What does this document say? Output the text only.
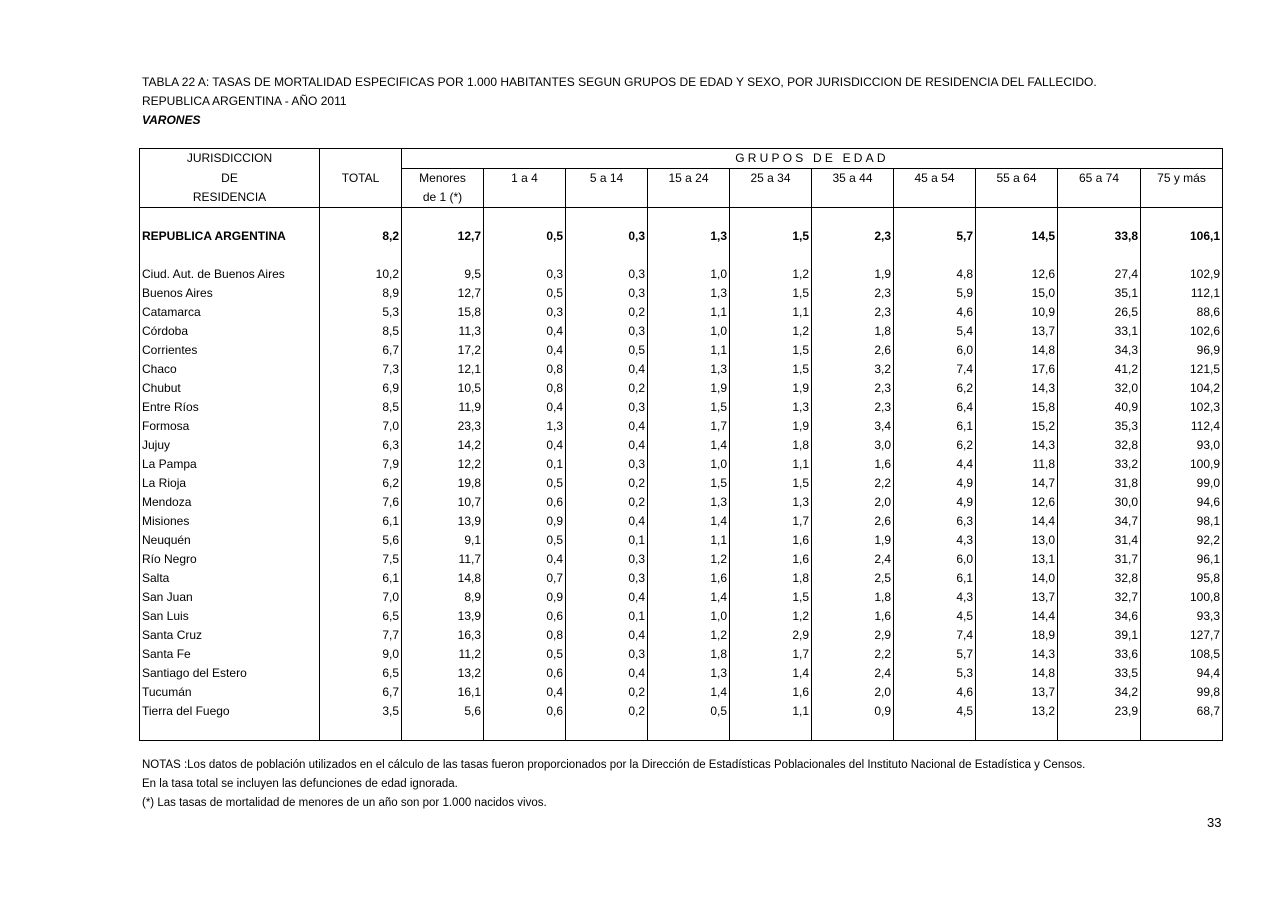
TABLA 22 A: TASAS DE MORTALIDAD ESPECIFICAS POR 1.000 HABITANTES SEGUN GRUPOS DE EDAD Y SEXO, POR JURISDICCION DE RESIDENCIA DEL FALLECIDO.
REPUBLICA ARGENTINA - AÑO 2011
VARONES
JURISDICCION		GRUPOS DE EDAD									
DE	TOTAL	Menores	1 a 4	5 a 14	15 a 24	25 a 34	35 a 44	45 a 54	55 a 64	65 a 74	75 y más
RESIDENCIA		de 1 (*)									

REPUBLICA ARGENTINA	8,2	12,7	0,5	0,3	1,3	1,5	2,3	5,7	14,5	33,8	106,1

Ciud. Aut. de Buenos Aires	10,2	9,5	0,3	0,3	1,0	1,2	1,9	4,8	12,6	27,4	102,9
Buenos Aires	8,9	12,7	0,5	0,3	1,3	1,5	2,3	5,9	15,0	35,1	112,1
Catamarca	5,3	15,8	0,3	0,2	1,1	1,1	2,3	4,6	10,9	26,5	88,6
Córdoba	8,5	11,3	0,4	0,3	1,0	1,2	1,8	5,4	13,7	33,1	102,6
Corrientes	6,7	17,2	0,4	0,5	1,1	1,5	2,6	6,0	14,8	34,3	96,9
Chaco	7,3	12,1	0,8	0,4	1,3	1,5	3,2	7,4	17,6	41,2	121,5
Chubut	6,9	10,5	0,8	0,2	1,9	1,9	2,3	6,2	14,3	32,0	104,2
Entre Ríos	8,5	11,9	0,4	0,3	1,5	1,3	2,3	6,4	15,8	40,9	102,3
Formosa	7,0	23,3	1,3	0,4	1,7	1,9	3,4	6,1	15,2	35,3	112,4
Jujuy	6,3	14,2	0,4	0,4	1,4	1,8	3,0	6,2	14,3	32,8	93,0
La Pampa	7,9	12,2	0,1	0,3	1,0	1,1	1,6	4,4	11,8	33,2	100,9
La Rioja	6,2	19,8	0,5	0,2	1,5	1,5	2,2	4,9	14,7	31,8	99,0
Mendoza	7,6	10,7	0,6	0,2	1,3	1,3	2,0	4,9	12,6	30,0	94,6
Misiones	6,1	13,9	0,9	0,4	1,4	1,7	2,6	6,3	14,4	34,7	98,1
Neuquén	5,6	9,1	0,5	0,1	1,1	1,6	1,9	4,3	13,0	31,4	92,2
Río Negro	7,5	11,7	0,4	0,3	1,2	1,6	2,4	6,0	13,1	31,7	96,1
Salta	6,1	14,8	0,7	0,3	1,6	1,8	2,5	6,1	14,0	32,8	95,8
San Juan	7,0	8,9	0,9	0,4	1,4	1,5	1,8	4,3	13,7	32,7	100,8
San Luis	6,5	13,9	0,6	0,1	1,0	1,2	1,6	4,5	14,4	34,6	93,3
Santa Cruz	7,7	16,3	0,8	0,4	1,2	2,9	2,9	7,4	18,9	39,1	127,7
Santa Fe	9,0	11,2	0,5	0,3	1,8	1,7	2,2	5,7	14,3	33,6	108,5
Santiago del Estero	6,5	13,2	0,6	0,4	1,3	1,4	2,4	5,3	14,8	33,5	94,4
Tucumán	6,7	16,1	0,4	0,2	1,4	1,6	2,0	4,6	13,7	34,2	99,8
Tierra del Fuego	3,5	5,6	0,6	0,2	0,5	1,1	0,9	4,5	13,2	23,9	68,7

NOTAS :Los datos de población utilizados en el cálculo de las tasas fueron proporcionados por la Dirección de Estadísticas Poblacionales del Instituto Nacional de Estadística y Censos.
En la tasa total se incluyen las defunciones de edad ignorada.
(*) Las tasas de mortalidad de menores de un año son por 1.000 nacidos vivos.
33
